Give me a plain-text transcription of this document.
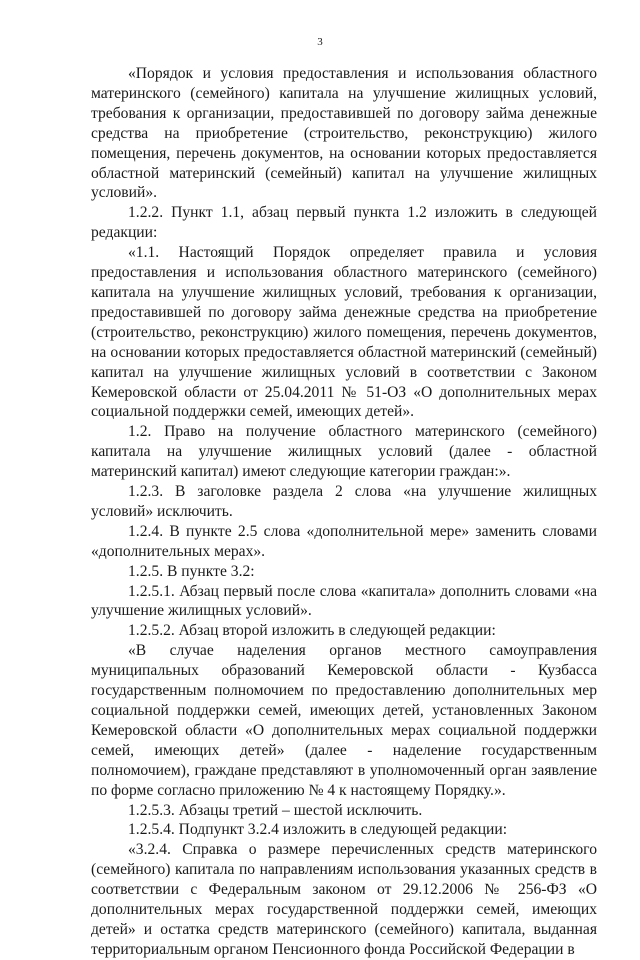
3

«Порядок и условия предоставления и использования областного материнского (семейного) капитала на улучшение жилищных условий, требования к организации, предоставившей по договору займа денежные средства на приобретение (строительство, реконструкцию) жилого помещения, перечень документов, на основании которых предоставляется областной материнский (семейный) капитал на улучшение жилищных условий».

1.2.2. Пункт 1.1, абзац первый пункта 1.2 изложить в следующей редакции:

«1.1. Настоящий Порядок определяет правила и условия предоставления и использования областного материнского (семейного) капитала на улучшение жилищных условий, требования к организации, предоставившей по договору займа денежные средства на приобретение (строительство, реконструкцию) жилого помещения, перечень документов, на основании которых предоставляется областной материнский (семейный) капитал на улучшение жилищных условий в соответствии с Законом Кемеровской области от 25.04.2011 № 51-ОЗ «О дополнительных мерах социальной поддержки семей, имеющих детей».

1.2. Право на получение областного материнского (семейного) капитала на улучшение жилищных условий (далее - областной материнский капитал) имеют следующие категории граждан:».

1.2.3. В заголовке раздела 2 слова «на улучшение жилищных условий» исключить.

1.2.4. В пункте 2.5 слова «дополнительной мере» заменить словами «дополнительных мерах».

1.2.5. В пункте 3.2:

1.2.5.1. Абзац первый после слова «капитала» дополнить словами «на улучшение жилищных условий».

1.2.5.2. Абзац второй изложить в следующей редакции:

«В случае наделения органов местного самоуправления муниципальных образований Кемеровской области - Кузбасса государственным полномочием по предоставлению дополнительных мер социальной поддержки семей, имеющих детей, установленных Законом Кемеровской области «О дополнительных мерах социальной поддержки семей, имеющих детей» (далее - наделение государственным полномочием), граждане представляют в уполномоченный орган заявление по форме согласно приложению № 4 к настоящему Порядку.».

1.2.5.3. Абзацы третий – шестой исключить.

1.2.5.4. Подпункт 3.2.4 изложить в следующей редакции:

«3.2.4. Справка о размере перечисленных средств материнского (семейного) капитала по направлениям использования указанных средств в соответствии с Федеральным законом от 29.12.2006 № 256-ФЗ «О дополнительных мерах государственной поддержки семей, имеющих детей» и остатка средств материнского (семейного) капитала, выданная территориальным органом Пенсионного фонда Российской Федерации в
